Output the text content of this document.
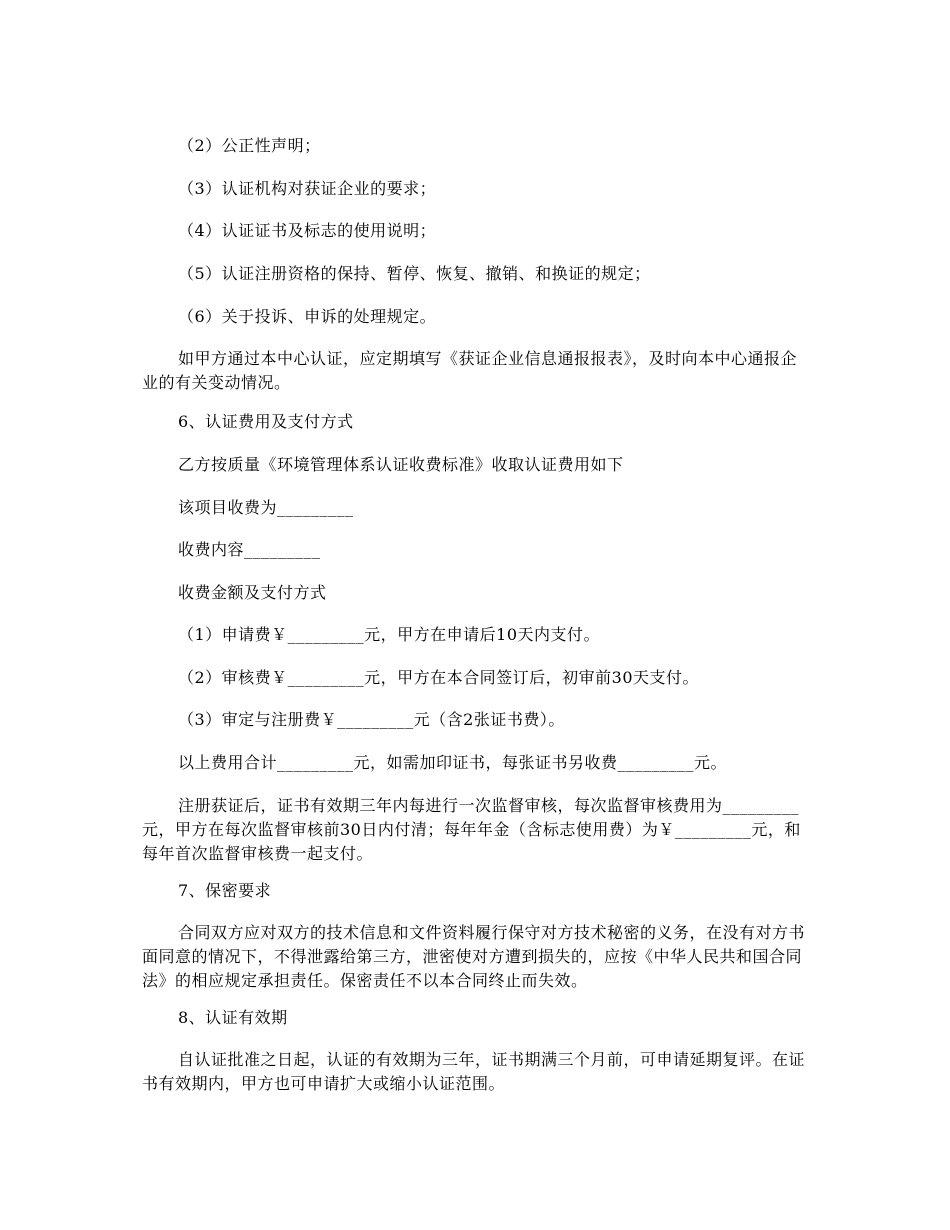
（2）公正性声明；

（3）认证机构对获证企业的要求；

（4）认证证书及标志的使用说明；

（5）认证注册资格的保持、暂停、恢复、撤销、和换证的规定；

（6）关于投诉、申诉的处理规定。

如甲方通过本中心认证，应定期填写《获证企业信息通报报表》，及时向本中心通报企业的有关变动情况。

6、认证费用及支付方式

乙方按质量《环境管理体系认证收费标准》收取认证费用如下

该项目收费为_________

收费内容_________

收费金额及支付方式

（1）申请费￥_________元，甲方在申请后10天内支付。

（2）审核费￥_________元，甲方在本合同签订后，初审前30天支付。

（3）审定与注册费￥_________元（含2张证书费）。

以上费用合计_________元，如需加印证书，每张证书另收费_________元。

注册获证后，证书有效期三年内每进行一次监督审核，每次监督审核费用为_________元，甲方在每次监督审核前30日内付清；每年年金（含标志使用费）为￥_________元，和每年首次监督审核费一起支付。

7、保密要求

合同双方应对双方的技术信息和文件资料履行保守对方技术秘密的义务，在没有对方书面同意的情况下，不得泄露给第三方，泄密使对方遭到损失的，应按《中华人民共和国合同法》的相应规定承担责任。保密责任不以本合同终止而失效。

8、认证有效期

自认证批准之日起，认证的有效期为三年，证书期满三个月前，可申请延期复评。在证书有效期内，甲方也可申请扩大或缩小认证范围。
